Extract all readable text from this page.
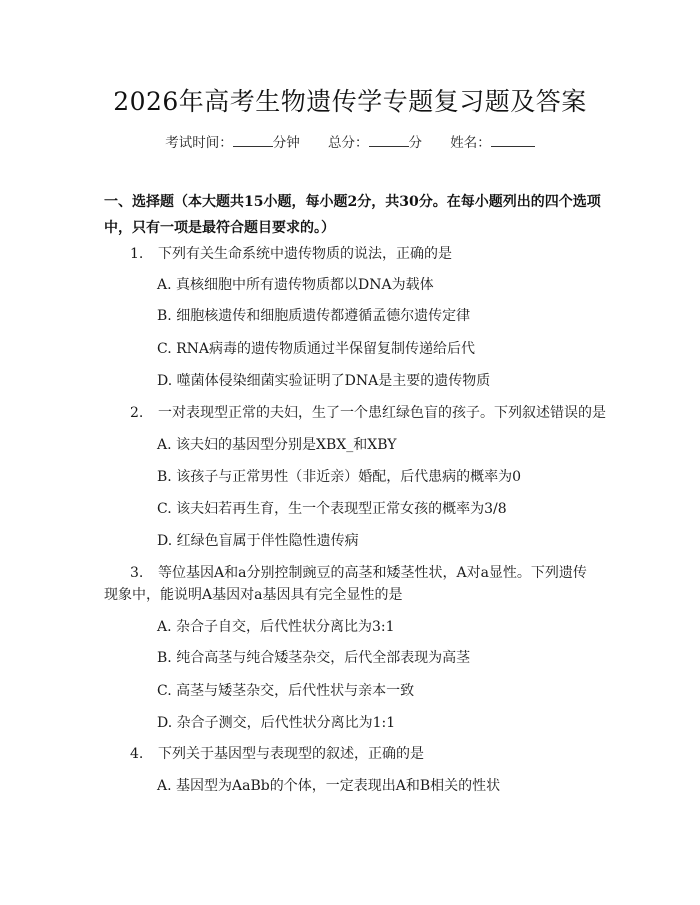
2026年高考生物遗传学专题复习题及答案
考试时间：	分钟 总分：	分 姓名：
一、选择题（本大题共15小题，每小题2分，共30分。在每小题列出的四个选项中，只有一项是最符合题目要求的。）
1. 下列有关生命系统中遗传物质的说法，正确的是
A. 真核细胞中所有遗传物质都以DNA为载体
B. 细胞核遗传和细胞质遗传都遵循孟德尔遗传定律
C. RNA病毒的遗传物质通过半保留复制传递给后代
D. 噬菌体侵染细菌实验证明了DNA是主要的遗传物质
2. 一对表现型正常的夫妇，生了一个患红绿色盲的孩子。下列叙述错误的是
A. 该夫妇的基因型分别是XBX_和XBY
B. 该孩子与正常男性（非近亲）婚配，后代患病的概率为0
C. 该夫妇若再生育，生一个表现型正常女孩的概率为3/8
D. 红绿色盲属于伴性隐性遗传病
3. 等位基因A和a分别控制豌豆的高茎和矮茎性状，A对a显性。下列遗传
现象中，能说明A基因对a基因具有完全显性的是
A. 杂合子自交，后代性状分离比为3:1
B. 纯合高茎与纯合矮茎杂交，后代全部表现为高茎
C. 高茎与矮茎杂交，后代性状与亲本一致
D. 杂合子测交，后代性状分离比为1:1
4. 下列关于基因型与表现型的叙述，正确的是
A. 基因型为AaBb的个体，一定表现出A和B相关的性状
